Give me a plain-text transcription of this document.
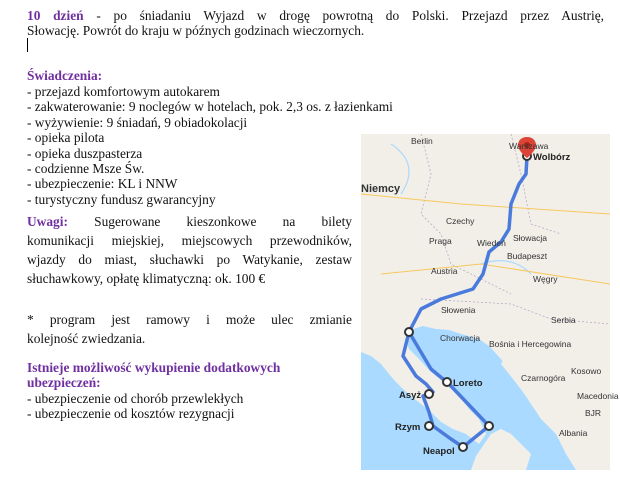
10 dzień - po śniadaniu Wyjazd w drogę powrotną do Polski. Przejazd przez Austrię,
Słowację. Powrót do kraju w późnych godzinach wieczornych.
Świadczenia:
- przejazd komfortowym autokarem
- zakwaterowanie: 9 noclegów w hotelach, pok. 2,3 os. z łazienkami
- wyżywienie: 9 śniadań, 9 obiadokolacji
- opieka pilota
- opieka duszpasterza
- codzienne Msze Św.
- ubezpieczenie: KL i NNW
- turystyczny fundusz gwarancyjny
Uwagi: Sugerowane kieszonkowe na bilety
komunikacji miejskiej, miejscowych przewodników,
wjazdy do miast, słuchawki po Watykanie, zestaw
słuchawkowy, opłatę klimatyczną: ok. 100 €
* program jest ramowy i może ulec zmianie
kolejność zwiedzania.
Istnieje możliwość wykupienie dodatkowych
ubezpieczeń:
- ubezpieczenie od chorób przewlekłych
- ubezpieczenie od kosztów rezygnacji
Berlin	Warszawa
Niemcy
Czechy
Słowacja
Austria
Węgry
Budapeszt
Słowenia
Chorwacja
Serbia
Bośnia i Hercegowina
Czarnogóra
Kosowo
Albania
Macedonia
BJR
Wolbórz
Praga	Wiedeń
Loreto
Asyż
Rzym
Neapol
